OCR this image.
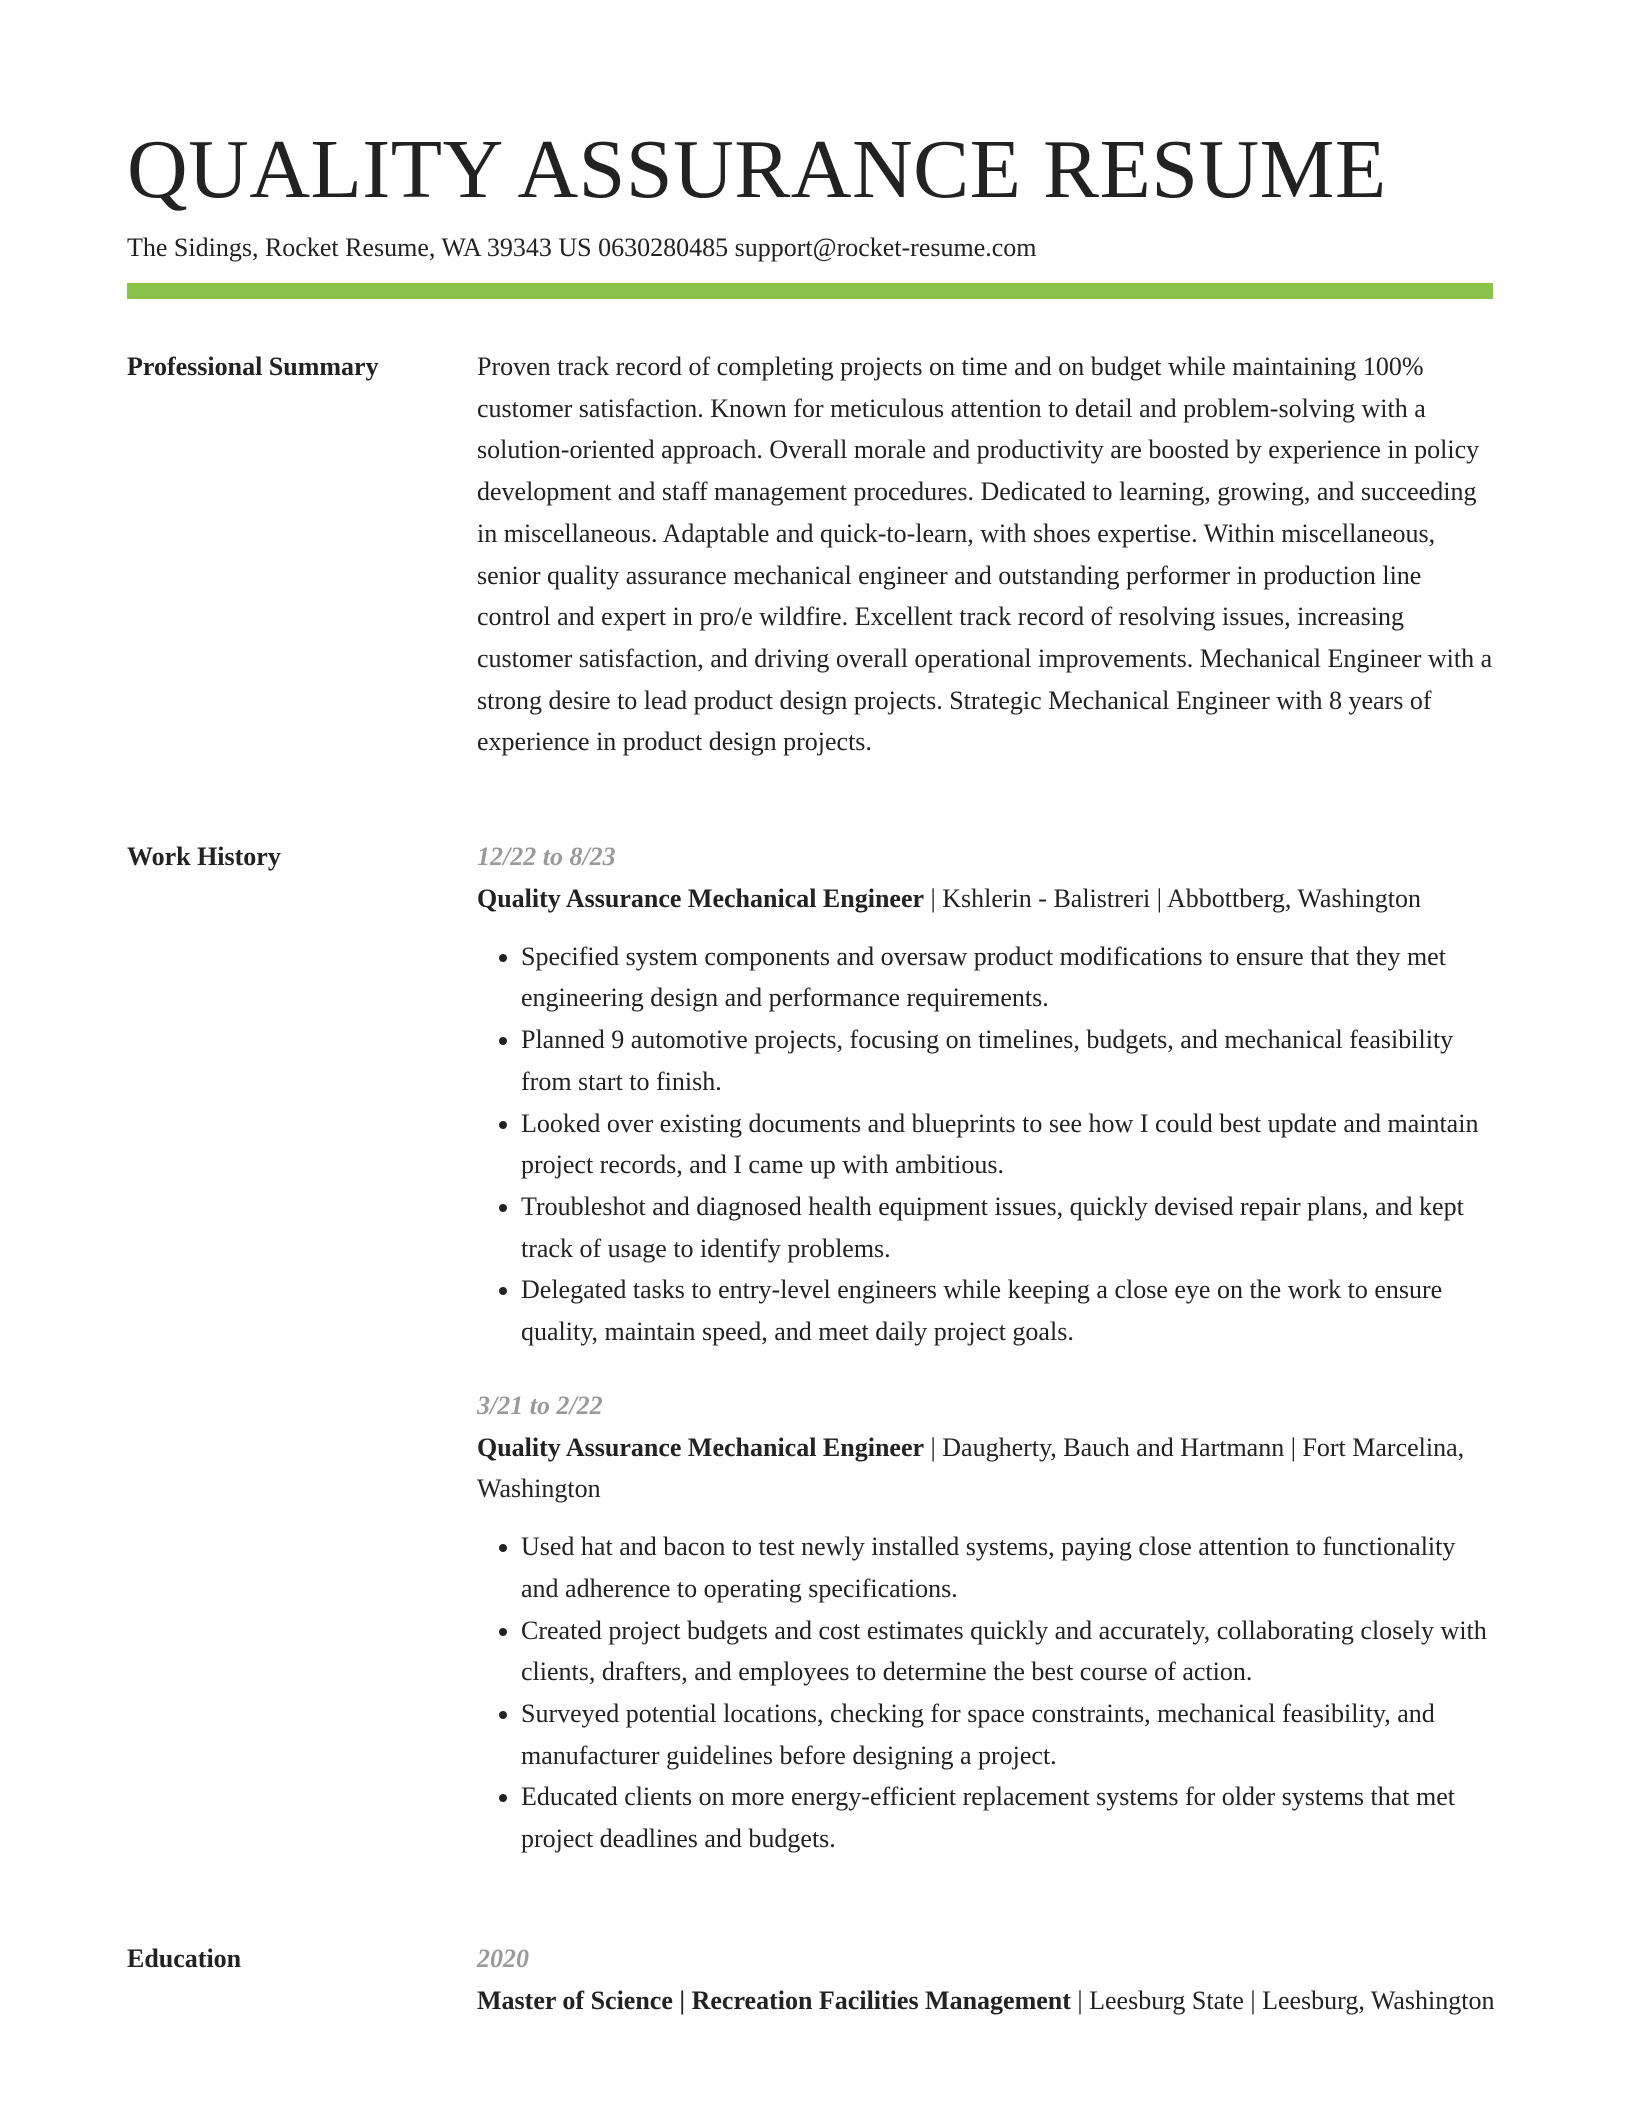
QUALITY ASSURANCE RESUME
The Sidings, Rocket Resume, WA 39343 US 0630280485 support@rocket-resume.com
Professional Summary	Proven track record of completing projects on time and on budget while maintaining 100% customer satisfaction. Known for meticulous attention to detail and problem-solving with a solution-oriented approach. Overall morale and productivity are boosted by experience in policy development and staff management procedures. Dedicated to learning, growing, and succeeding in miscellaneous. Adaptable and quick-to-learn, with shoes expertise. Within miscellaneous, senior quality assurance mechanical engineer and outstanding performer in production line control and expert in pro/e wildfire. Excellent track record of resolving issues, increasing customer satisfaction, and driving overall operational improvements. Mechanical Engineer with a strong desire to lead product design projects. Strategic Mechanical Engineer with 8 years of experience in product design projects.

Work History	12/22 to 8/23

Quality Assurance Mechanical Engineer | Kshlerin - Balistreri | Abbottberg, Washington

• Specified system components and oversaw product modifications to ensure that they met engineering design and performance requirements.
• Planned 9 automotive projects, focusing on timelines, budgets, and mechanical feasibility from start to finish.
• Looked over existing documents and blueprints to see how I could best update and maintain project records, and I came up with ambitious.
• Troubleshot and diagnosed health equipment issues, quickly devised repair plans, and kept track of usage to identify problems.
• Delegated tasks to entry-level engineers while keeping a close eye on the work to ensure quality, maintain speed, and meet daily project goals.
3/21 to 2/22

Quality Assurance Mechanical Engineer | Daugherty, Bauch and Hartmann | Fort Marcelina, Washington

• Used hat and bacon to test newly installed systems, paying close attention to functionality and adherence to operating specifications.
• Created project budgets and cost estimates quickly and accurately, collaborating closely with clients, drafters, and employees to determine the best course of action.
• Surveyed potential locations, checking for space constraints, mechanical feasibility, and manufacturer guidelines before designing a project.
• Educated clients on more energy-efficient replacement systems for older systems that met project deadlines and budgets.
Education	2020

Master of Science | Recreation Facilities Management | Leesburg State | Leesburg, Washington
